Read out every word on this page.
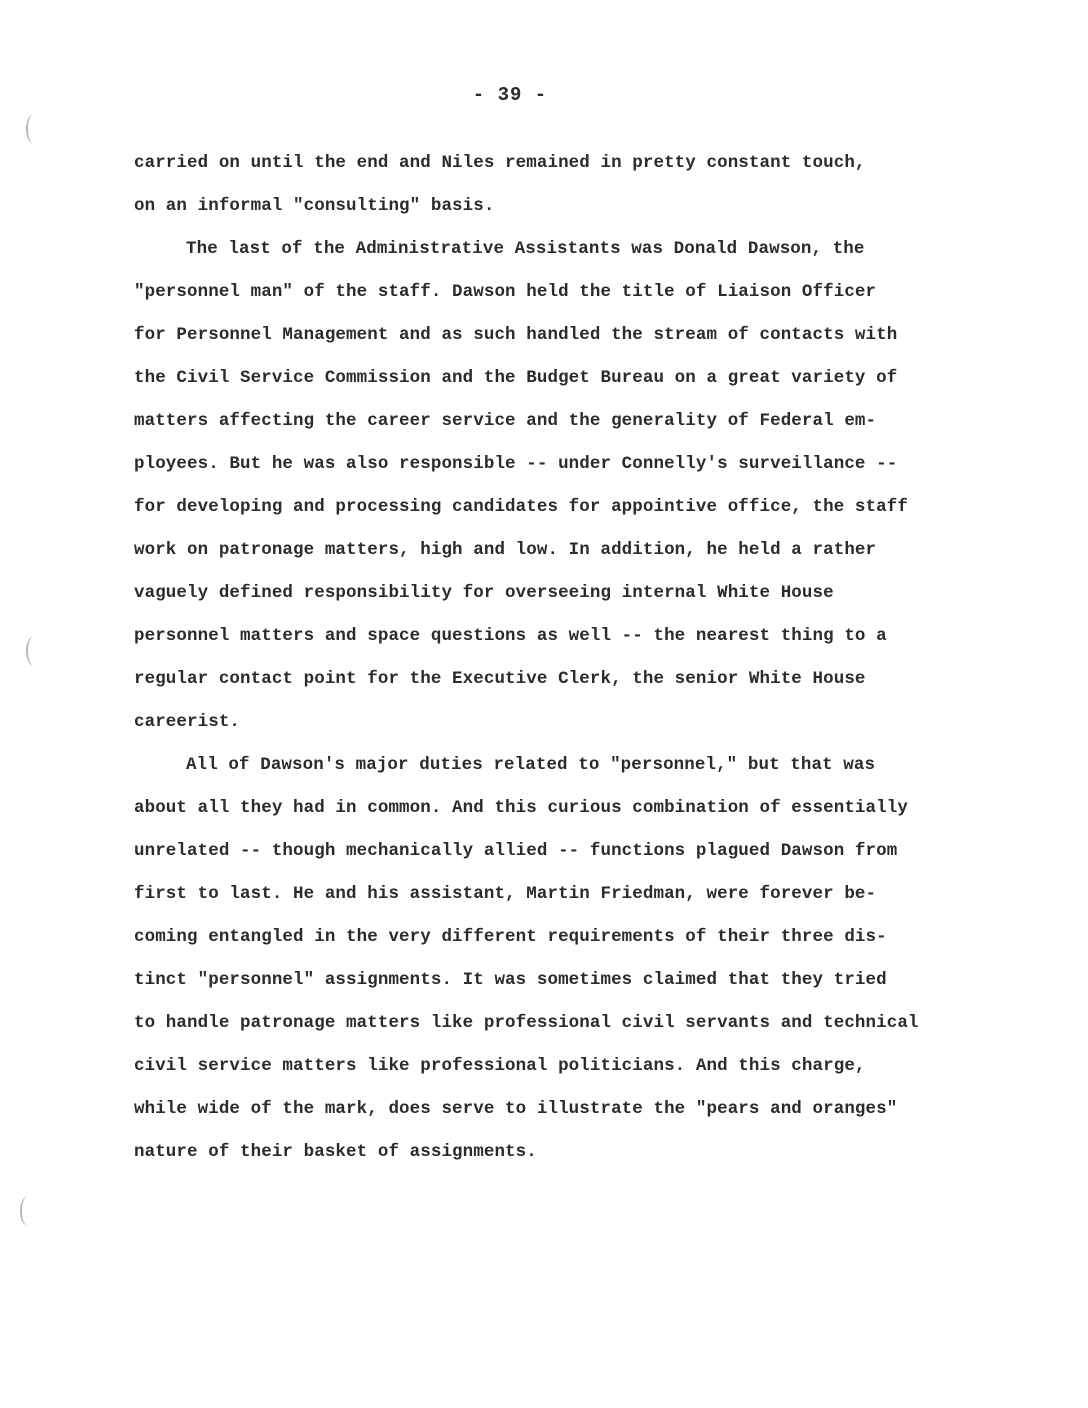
- 39 -
carried on until the end and Niles remained in pretty constant touch,
on an informal "consulting" basis.
The last of the Administrative Assistants was Donald Dawson, the
"personnel man" of the staff. Dawson held the title of Liaison Officer
for Personnel Management and as such handled the stream of contacts with
the Civil Service Commission and the Budget Bureau on a great variety of
matters affecting the career service and the generality of Federal em-
ployees. But he was also responsible -- under Connelly's surveillance --
for developing and processing candidates for appointive office, the staff
work on patronage matters, high and low. In addition, he held a rather
vaguely defined responsibility for overseeing internal White House
personnel matters and space questions as well -- the nearest thing to a
regular contact point for the Executive Clerk, the senior White House
careerist.
All of Dawson's major duties related to "personnel," but that was
about all they had in common. And this curious combination of essentially
unrelated -- though mechanically allied -- functions plagued Dawson from
first to last. He and his assistant, Martin Friedman, were forever be-
coming entangled in the very different requirements of their three dis-
tinct "personnel" assignments. It was sometimes claimed that they tried
to handle patronage matters like professional civil servants and technical
civil service matters like professional politicians. And this charge,
while wide of the mark, does serve to illustrate the "pears and oranges"
nature of their basket of assignments.
